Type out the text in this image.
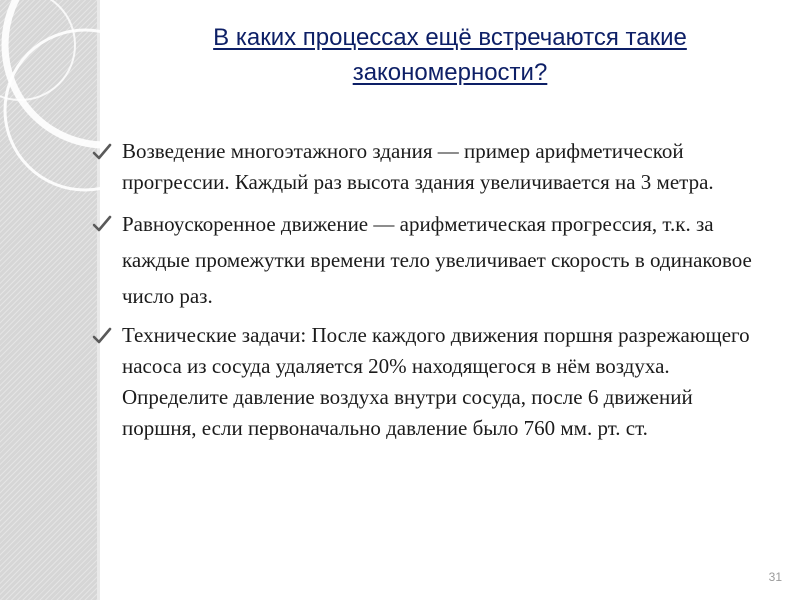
В каких процессах ещё встречаются такие закономерности?
Возведение многоэтажного здания — пример арифметической прогрессии. Каждый раз высота здания увеличивается на 3 метра.
Равноускоренное движение — арифметическая прогрессия, т.к. за каждые промежутки времени тело увеличивает скорость в одинаковое число раз.
Технические задачи: После каждого движения поршня разрежающего насоса из сосуда удаляется 20% находящегося в нём воздуха. Определите давление воздуха внутри сосуда, после 6 движений поршня, если первоначально давление было 760 мм. рт. ст.
31
